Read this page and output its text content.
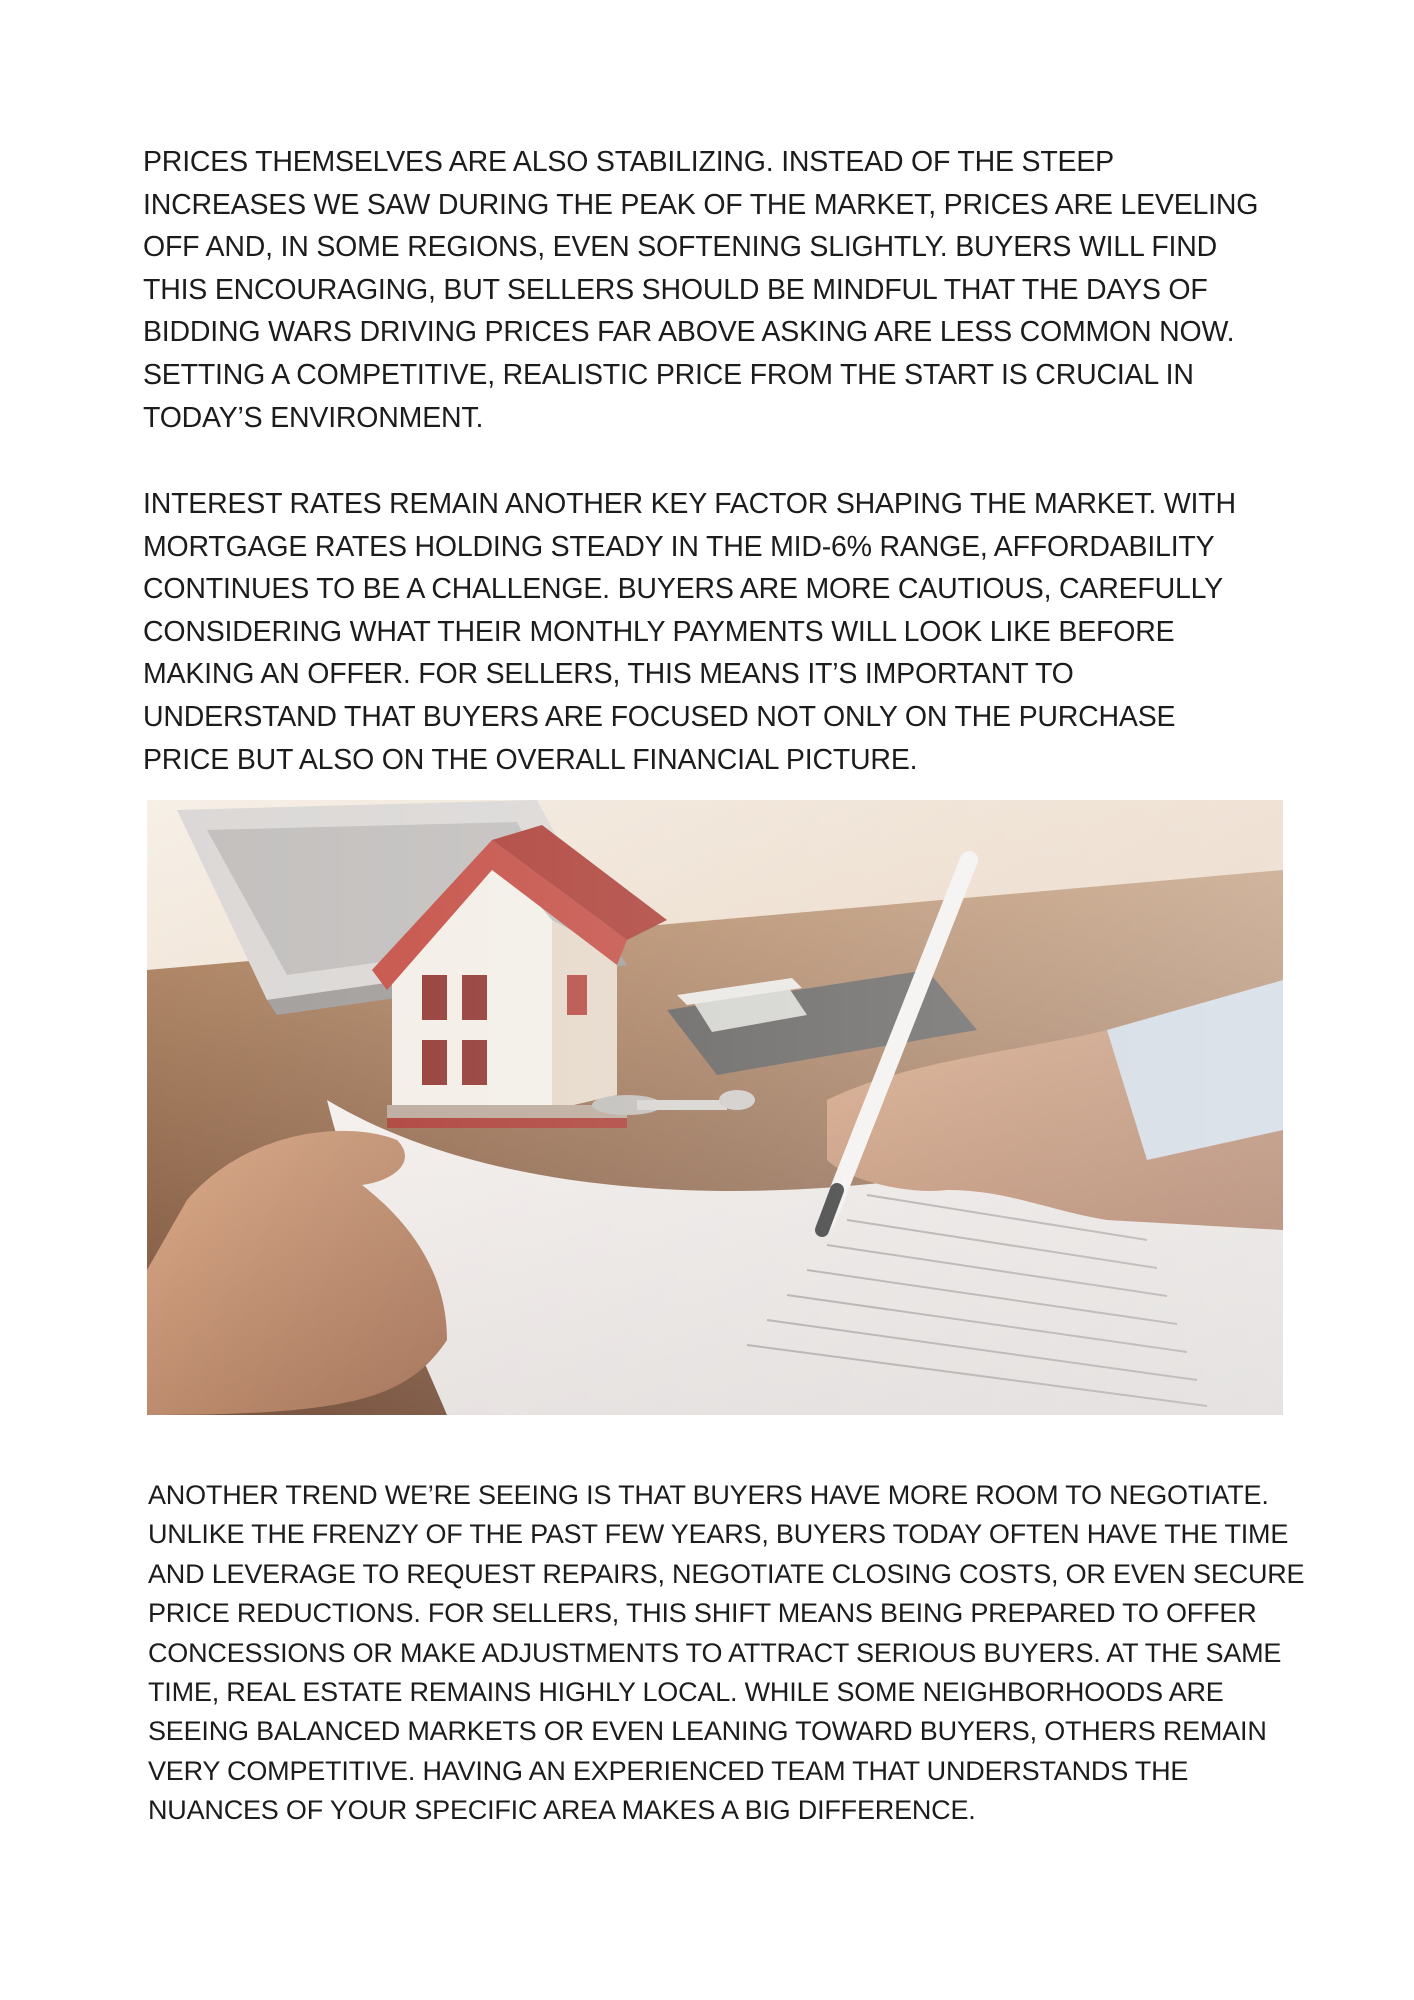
PRICES THEMSELVES ARE ALSO STABILIZING. INSTEAD OF THE STEEP
INCREASES WE SAW DURING THE PEAK OF THE MARKET, PRICES ARE LEVELING
OFF AND, IN SOME REGIONS, EVEN SOFTENING SLIGHTLY. BUYERS WILL FIND
THIS ENCOURAGING, BUT SELLERS SHOULD BE MINDFUL THAT THE DAYS OF
BIDDING WARS DRIVING PRICES FAR ABOVE ASKING ARE LESS COMMON NOW.
SETTING A COMPETITIVE, REALISTIC PRICE FROM THE START IS CRUCIAL IN
TODAY’S ENVIRONMENT.

INTEREST RATES REMAIN ANOTHER KEY FACTOR SHAPING THE MARKET. WITH
MORTGAGE RATES HOLDING STEADY IN THE MID-6% RANGE, AFFORDABILITY
CONTINUES TO BE A CHALLENGE. BUYERS ARE MORE CAUTIOUS, CAREFULLY
CONSIDERING WHAT THEIR MONTHLY PAYMENTS WILL LOOK LIKE BEFORE
MAKING AN OFFER. FOR SELLERS, THIS MEANS IT’S IMPORTANT TO
UNDERSTAND THAT BUYERS ARE FOCUSED NOT ONLY ON THE PURCHASE
PRICE BUT ALSO ON THE OVERALL FINANCIAL PICTURE.

ANOTHER TREND WE’RE SEEING IS THAT BUYERS HAVE MORE ROOM TO NEGOTIATE.
UNLIKE THE FRENZY OF THE PAST FEW YEARS, BUYERS TODAY OFTEN HAVE THE TIME
AND LEVERAGE TO REQUEST REPAIRS, NEGOTIATE CLOSING COSTS, OR EVEN SECURE
PRICE REDUCTIONS. FOR SELLERS, THIS SHIFT MEANS BEING PREPARED TO OFFER
CONCESSIONS OR MAKE ADJUSTMENTS TO ATTRACT SERIOUS BUYERS. AT THE SAME
TIME, REAL ESTATE REMAINS HIGHLY LOCAL. WHILE SOME NEIGHBORHOODS ARE
SEEING BALANCED MARKETS OR EVEN LEANING TOWARD BUYERS, OTHERS REMAIN
VERY COMPETITIVE. HAVING AN EXPERIENCED TEAM THAT UNDERSTANDS THE
NUANCES OF YOUR SPECIFIC AREA MAKES A BIG DIFFERENCE.
